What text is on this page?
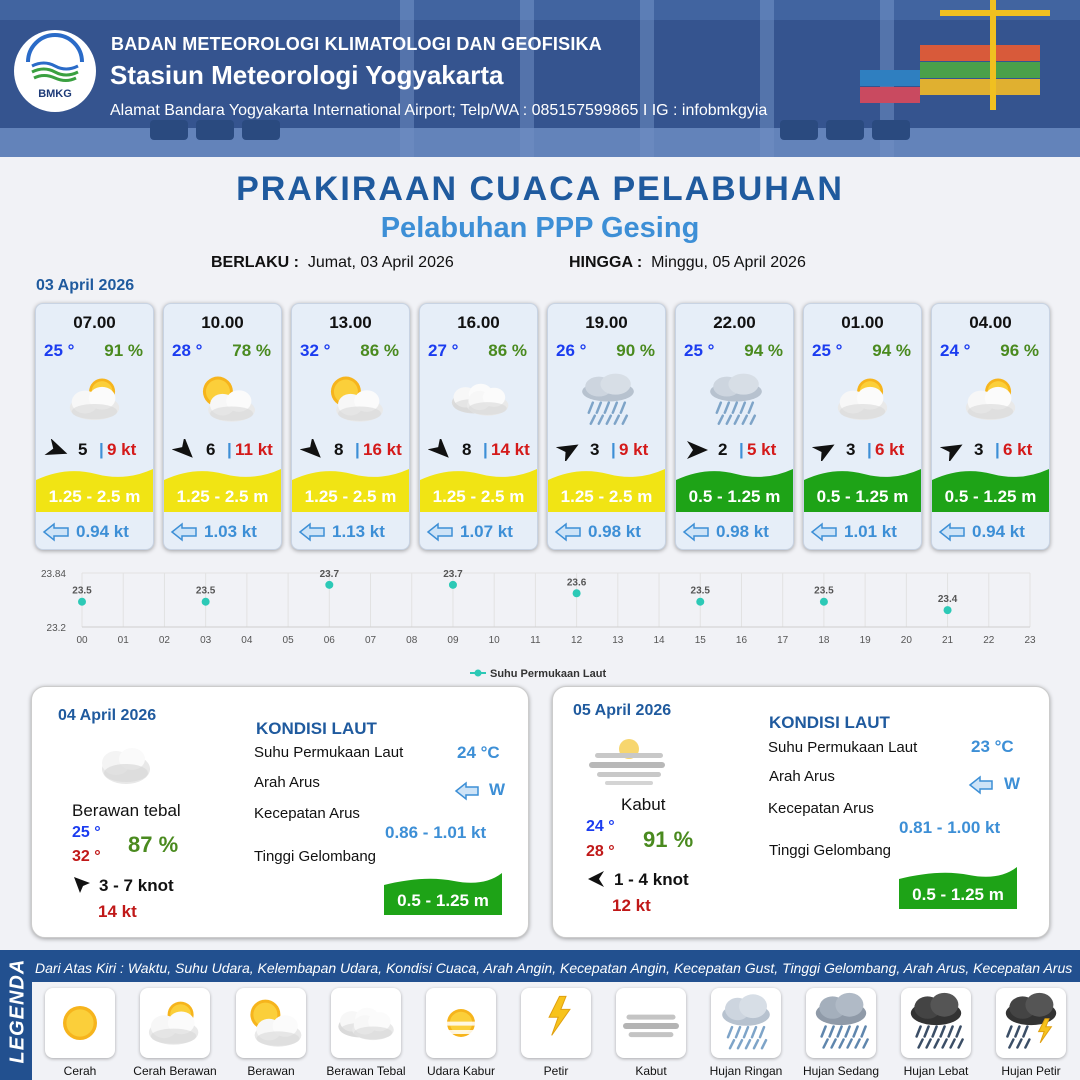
BMKG
BADAN METEOROLOGI KLIMATOLOGI DAN GEOFISIKA
Stasiun Meteorologi Yogyakarta
Alamat Bandara Yogyakarta International Airport; Telp/WA : 085157599865 I IG : infobmkgyia
PRAKIRAAN CUACA PELABUHAN
Pelabuhan PPP Gesing
BERLAKU : Jumat, 03 April 2026	HINGGA : Minggu, 05 April 2026
03 April 2026
07.00
25 ° 91 %
5 | 9 kt
1.25 - 2.5 m
0.94 kt
10.00
28 ° 78 %
6 | 11 kt
1.25 - 2.5 m
1.03 kt
13.00
32 ° 86 %
8 | 16 kt
1.25 - 2.5 m
1.13 kt
16.00
27 ° 86 %
8 | 14 kt
1.25 - 2.5 m
1.07 kt
19.00
26 ° 90 %
3 | 9 kt
1.25 - 2.5 m
0.98 kt
22.00
25 ° 94 %
2 | 5 kt
0.5 - 1.25 m
0.98 kt
01.00
25 ° 94 %
3 | 6 kt
0.5 - 1.25 m
1.01 kt
04.00
24 ° 96 %
3 | 6 kt
0.5 - 1.25 m
0.94 kt
23.84
23.2
00	01	02	03	04	05	06	07	08	09	10	11	12	13	14	15	16	17	18	19	20	21	22	23
23.5	23.5
23.7	23.7
23.6
23.5	23.5
23.4
Suhu Permukaan Laut
04 April 2026
Berawan tebal
25 °
32 ° 87 %
3 - 7 knot
14 kt
KONDISI LAUT
Suhu Permukaan Laut	24 °C
Arah Arus	W
Kecepatan Arus
0.86 - 1.01 kt
Tinggi Gelombang
0.5 - 1.25 m
05 April 2026
Kabut
24 °
28 ° 91 %
1 - 4 knot
12 kt
KONDISI LAUT
Suhu Permukaan Laut	23 °C
Arah Arus	W
Kecepatan Arus
0.81 - 1.00 kt
Tinggi Gelombang
0.5 - 1.25 m
LEGENDA Dari Atas Kiri : Waktu, Suhu Udara, Kelembapan Udara, Kondisi Cuaca, Arah Angin, Kecepatan Angin, Kecepatan Gust, Tinggi Gelombang, Arah Arus, Kecepatan Arus
Cerah	Cerah Berawan	Berawan	Berawan Tebal	Udara Kabur	Petir	Kabut	Hujan Ringan	Hujan Sedang	Hujan Lebat	Hujan Petir
